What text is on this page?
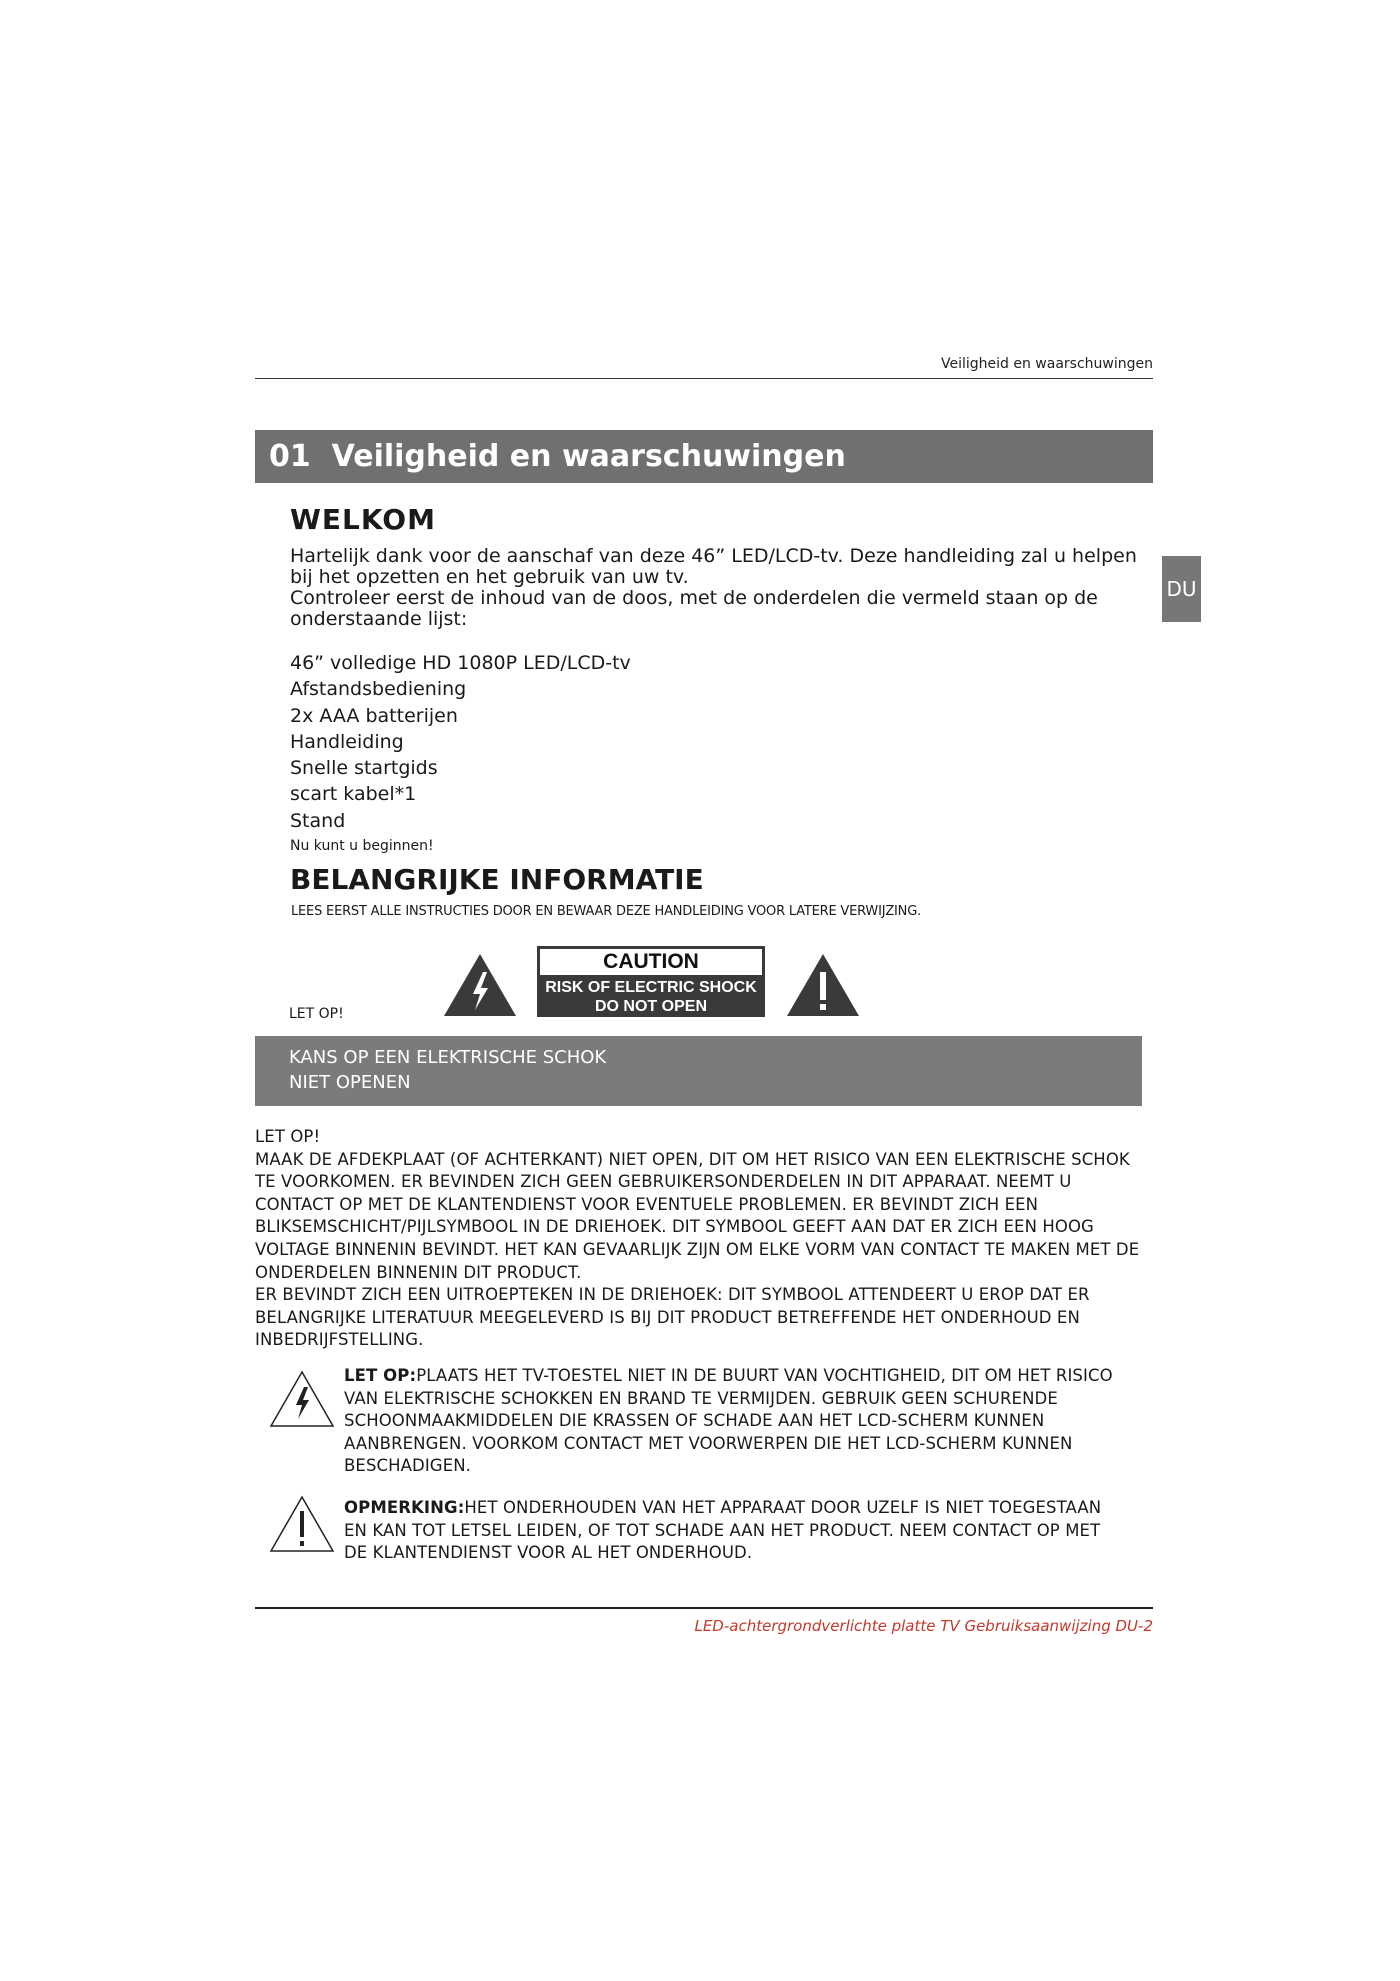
Veiligheid en waarschuwingen
01 Veiligheid en waarschuwingen
DU
WELKOM
Hartelijk dank voor de aanschaf van deze 46” LED/LCD-tv. Deze handleiding zal u helpen bij het opzetten en het gebruik van uw tv.
Controleer eerst de inhoud van de doos, met de onderdelen die vermeld staan op de onderstaande lijst:
46” volledige HD 1080P LED/LCD-tv
Afstandsbediening
2x AAA batterijen
Handleiding
Snelle startgids
scart kabel*1
Stand
Nu kunt u beginnen!
BELANGRIJKE INFORMATIE
LEES EERST ALLE INSTRUCTIES DOOR EN BEWAAR DEZE HANDLEIDING VOOR LATERE VERWIJZING.
LET OP!
CAUTION
RISK OF ELECTRIC SHOCK
DO NOT OPEN
KANS OP EEN ELEKTRISCHE SCHOK
NIET OPENEN
LET OP!
MAAK DE AFDEKPLAAT (OF ACHTERKANT) NIET OPEN, DIT OM HET RISICO VAN EEN ELEKTRISCHE SCHOK TE VOORKOMEN. ER BEVINDEN ZICH GEEN GEBRUIKERSONDERDELEN IN DIT APPARAAT. NEEMT U CONTACT OP MET DE KLANTENDIENST VOOR EVENTUELE PROBLEMEN. ER BEVINDT ZICH EEN BLIKSEMSCHICHT/PIJLSYMBOOL IN DE DRIEHOEK. DIT SYMBOOL GEEFT AAN DAT ER ZICH EEN HOOG VOLTAGE BINNENIN BEVINDT. HET KAN GEVAARLIJK ZIJN OM ELKE VORM VAN CONTACT TE MAKEN MET DE ONDERDELEN BINNENIN DIT PRODUCT.
ER BEVINDT ZICH EEN UITROEPTEKEN IN DE DRIEHOEK: DIT SYMBOOL ATTENDEERT U EROP DAT ER BELANGRIJKE LITERATUUR MEEGELEVERD IS BIJ DIT PRODUCT BETREFFENDE HET ONDERHOUD EN INBEDRIJFSTELLING.
LET OP:PLAATS HET TV-TOESTEL NIET IN DE BUURT VAN VOCHTIGHEID, DIT OM HET RISICO VAN ELEKTRISCHE SCHOKKEN EN BRAND TE VERMIJDEN. GEBRUIK GEEN SCHURENDE SCHOONMAAKMIDDELEN DIE KRASSEN OF SCHADE AAN HET LCD-SCHERM KUNNEN AANBRENGEN. VOORKOM CONTACT MET VOORWERPEN DIE HET LCD-SCHERM KUNNEN BESCHADIGEN.
OPMERKING:HET ONDERHOUDEN VAN HET APPARAAT DOOR UZELF IS NIET TOEGESTAAN EN KAN TOT LETSEL LEIDEN, OF TOT SCHADE AAN HET PRODUCT. NEEM CONTACT OP MET DE KLANTENDIENST VOOR AL HET ONDERHOUD.
LED-achtergrondverlichte platte TV Gebruiksaanwijzing DU-2
